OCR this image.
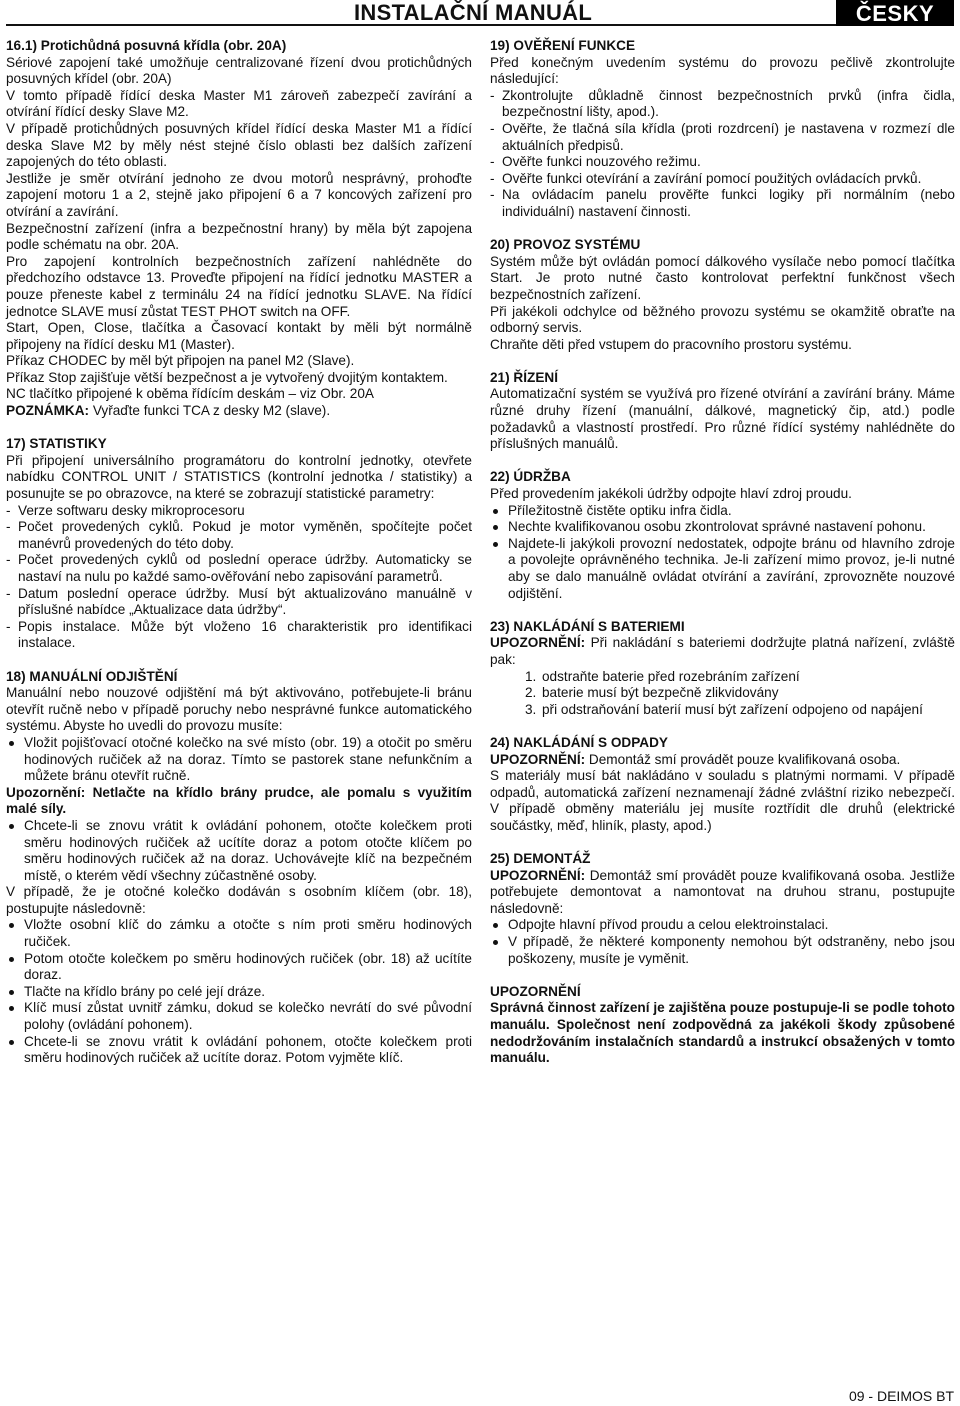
INSTALAČNÍ MANUÁL	ČESKY
16.1) Protichůdná posuvná křídla (obr. 20A)

Sériové zapojení také umožňuje centralizované řízení dvou protichůdných posuvných křídel (obr. 20A)

V tomto případě řídící deska Master M1 zároveň zabezpečí zavírání a otvírání řídící desky Slave M2.

V případě protichůdných posuvných křídel řídící deska Master M1 a řídící deska Slave M2 by měly nést stejné číslo oblasti bez dalších zařízení zapojených do této oblasti.

Jestliže je směr otvírání jednoho ze dvou motorů nesprávný, prohoďte zapojení motoru 1 a 2, stejně jako připojení 6 a 7 koncových zařízení pro otvírání a zavírání.

Bezpečnostní zařízení (infra a bezpečnostní hrany) by měla být zapojena podle schématu na obr. 20A.

Pro zapojení kontrolních bezpečnostních zařízení nahlédněte do předchozího odstavce 13. Proveďte připojení na řídící jednotku MASTER a pouze přeneste kabel z terminálu 24 na řídící jednotku SLAVE. Na řídící jednotce SLAVE musí zůstat TEST PHOT switch na OFF.

Start, Open, Close, tlačítka a Časovací kontakt by měli být normálně připojeny na řídící desku M1 (Master).

Příkaz CHODEC by měl být připojen na panel M2 (Slave).

Příkaz Stop zajišťuje větší bezpečnost a je vytvořený dvojitým kontaktem.

NC tlačítko připojené k oběma řídícím deskám – viz Obr. 20A

POZNÁMKA: Vyřaďte funkci TCA z desky M2 (slave).

17) STATISTIKY

Při připojení universálního programátoru do kontrolní jednotky, otevřete nabídku CONTROL UNIT / STATISTICS (kontrolní jednotka / statistiky) a posunujte se po obrazovce, na které se zobrazují statistické parametry:

- Verze softwaru desky mikroprocesoru

- Počet provedených cyklů. Pokud je motor vyměněn, spočítejte počet manévrů provedených do této doby.

- Počet provedených cyklů od poslední operace údržby. Automaticky se nastaví na nulu po každé samo-ověřování nebo zapisování parametrů.

- Datum poslední operace údržby. Musí být aktualizováno manuálně v příslušné nabídce „Aktualizace data údržby“.

- Popis instalace. Může být vloženo 16 charakteristik pro identifikaci instalace.

18) MANUÁLNÍ ODJIŠTĚNÍ

Manuální nebo nouzové odjištění má být aktivováno, potřebujete-li bránu otevřít ručně nebo v případě poruchy nebo nesprávné funkce automatického systému. Abyste ho uvedli do provozu musíte:

Vložit pojišťovací otočné kolečko na své místo (obr. 19) a otočit po směru hodinových ručiček až na doraz. Tímto se pastorek stane nefunkčním a můžete bránu otevřít ručně.

Upozornění: Netlačte na křídlo brány prudce, ale pomalu s využitím malé síly.

Chcete-li se znovu vrátit k ovládání pohonem, otočte kolečkem proti směru hodinových ručiček až ucítíte doraz a potom otočte klíčem po směru hodinových ručiček až na doraz. Uchovávejte klíč na bezpečném místě, o kterém vědí všechny zúčastněné osoby.

V případě, že je otočné kolečko dodáván s osobním klíčem (obr. 18), postupujte následovně:

Vložte osobní klíč do zámku a otočte s ním proti směru hodinových ručiček.

Potom otočte kolečkem po směru hodinových ručiček (obr. 18) až ucítíte doraz.

Tlačte na křídlo brány po celé její dráze.

Klíč musí zůstat uvnitř zámku, dokud se kolečko nevrátí do své původní polohy (ovládání pohonem).

Chcete-li se znovu vrátit k ovládání pohonem, otočte kolečkem proti směru hodinových ručiček až ucítíte doraz. Potom vyjměte klíč.

19) OVĚŘENÍ FUNKCE

Před konečným uvedením systému do provozu pečlivě zkontrolujte následující:

- Zkontrolujte důkladně činnost bezpečnostních prvků (infra čidla, bezpečnostní lišty, apod.).

- Ověřte, že tlačná síla křídla (proti rozdrcení) je nastavena v rozmezí dle aktuálních předpisů.

- Ověřte funkci nouzového režimu.

- Ověřte funkci otevírání a zavírání pomocí použitých ovládacích prvků.

- Na ovládacím panelu prověřte funkci logiky při normálním (nebo individuální) nastavení činnosti.

20) PROVOZ SYSTÉMU

Systém může být ovládán pomocí dálkového vysílače nebo pomocí tlačítka Start. Je proto nutné často kontrolovat perfektní funkčnost všech bezpečnostních zařízení.

Při jakékoli odchylce od běžného provozu systému se okamžitě obraťte na odborný servis.

Chraňte děti před vstupem do pracovního prostoru systému.

21) ŘÍZENÍ

Automatizační systém se využívá pro řízené otvírání a zavírání brány. Máme různé druhy řízení (manuální, dálkové, magnetický čip, atd.) podle požadavků a vlastností prostředí. Pro různé řídící systémy nahlédněte do příslušných manuálů.

22) ÚDRŽBA

Před provedením jakékoli údržby odpojte hlaví zdroj proudu.

Příležitostně čistěte optiku infra čidla.

Nechte kvalifikovanou osobu zkontrolovat správné nastavení pohonu.

Najdete-li jakýkoli provozní nedostatek, odpojte bránu od hlavního zdroje a povolejte oprávněného technika. Je-li zařízení mimo provoz, je-li nutné aby se dalo manuálně ovládat otvírání a zavírání, zprovozněte nouzové odjištění.

23) NAKLÁDÁNÍ S BATERIEMI

UPOZORNĚNÍ: Při nakládání s bateriemi dodržujte platná nařízení, zvláště pak:

1. odstraňte baterie před rozebráním zařízení

2. baterie musí být bezpečně zlikvidovány

3. při odstraňování baterií musí být zařízení odpojeno od napájení

24) NAKLÁDÁNÍ S ODPADY

UPOZORNĚNÍ: Demontáž smí provádět pouze kvalifikovaná osoba.

S materiály musí bát nakládáno v souladu s platnými normami. V případě odpadů, automatická zařízení neznamenají žádné zvláštní riziko nebezpečí. V případě obměny materiálu jej musíte roztřídit dle druhů (elektrické součástky, měď, hliník, plasty, apod.)

25) DEMONTÁŽ

UPOZORNĚNÍ: Demontáž smí provádět pouze kvalifikovaná osoba. Jestliže potřebujete demontovat a namontovat na druhou stranu, postupujte následovně:

Odpojte hlavní přívod proudu a celou elektroinstalaci.

V případě, že některé komponenty nemohou být odstraněny, nebo jsou poškozeny, musíte je vyměnit.

UPOZORNĚNÍ

Správná činnost zařízení je zajištěna pouze postupuje-li se podle tohoto manuálu. Společnost není zodpovědná za jakékoli škody způsobené nedodržováním instalačních standardů a instrukcí obsažených v tomto manuálu.

09 - DEIMOS BT
